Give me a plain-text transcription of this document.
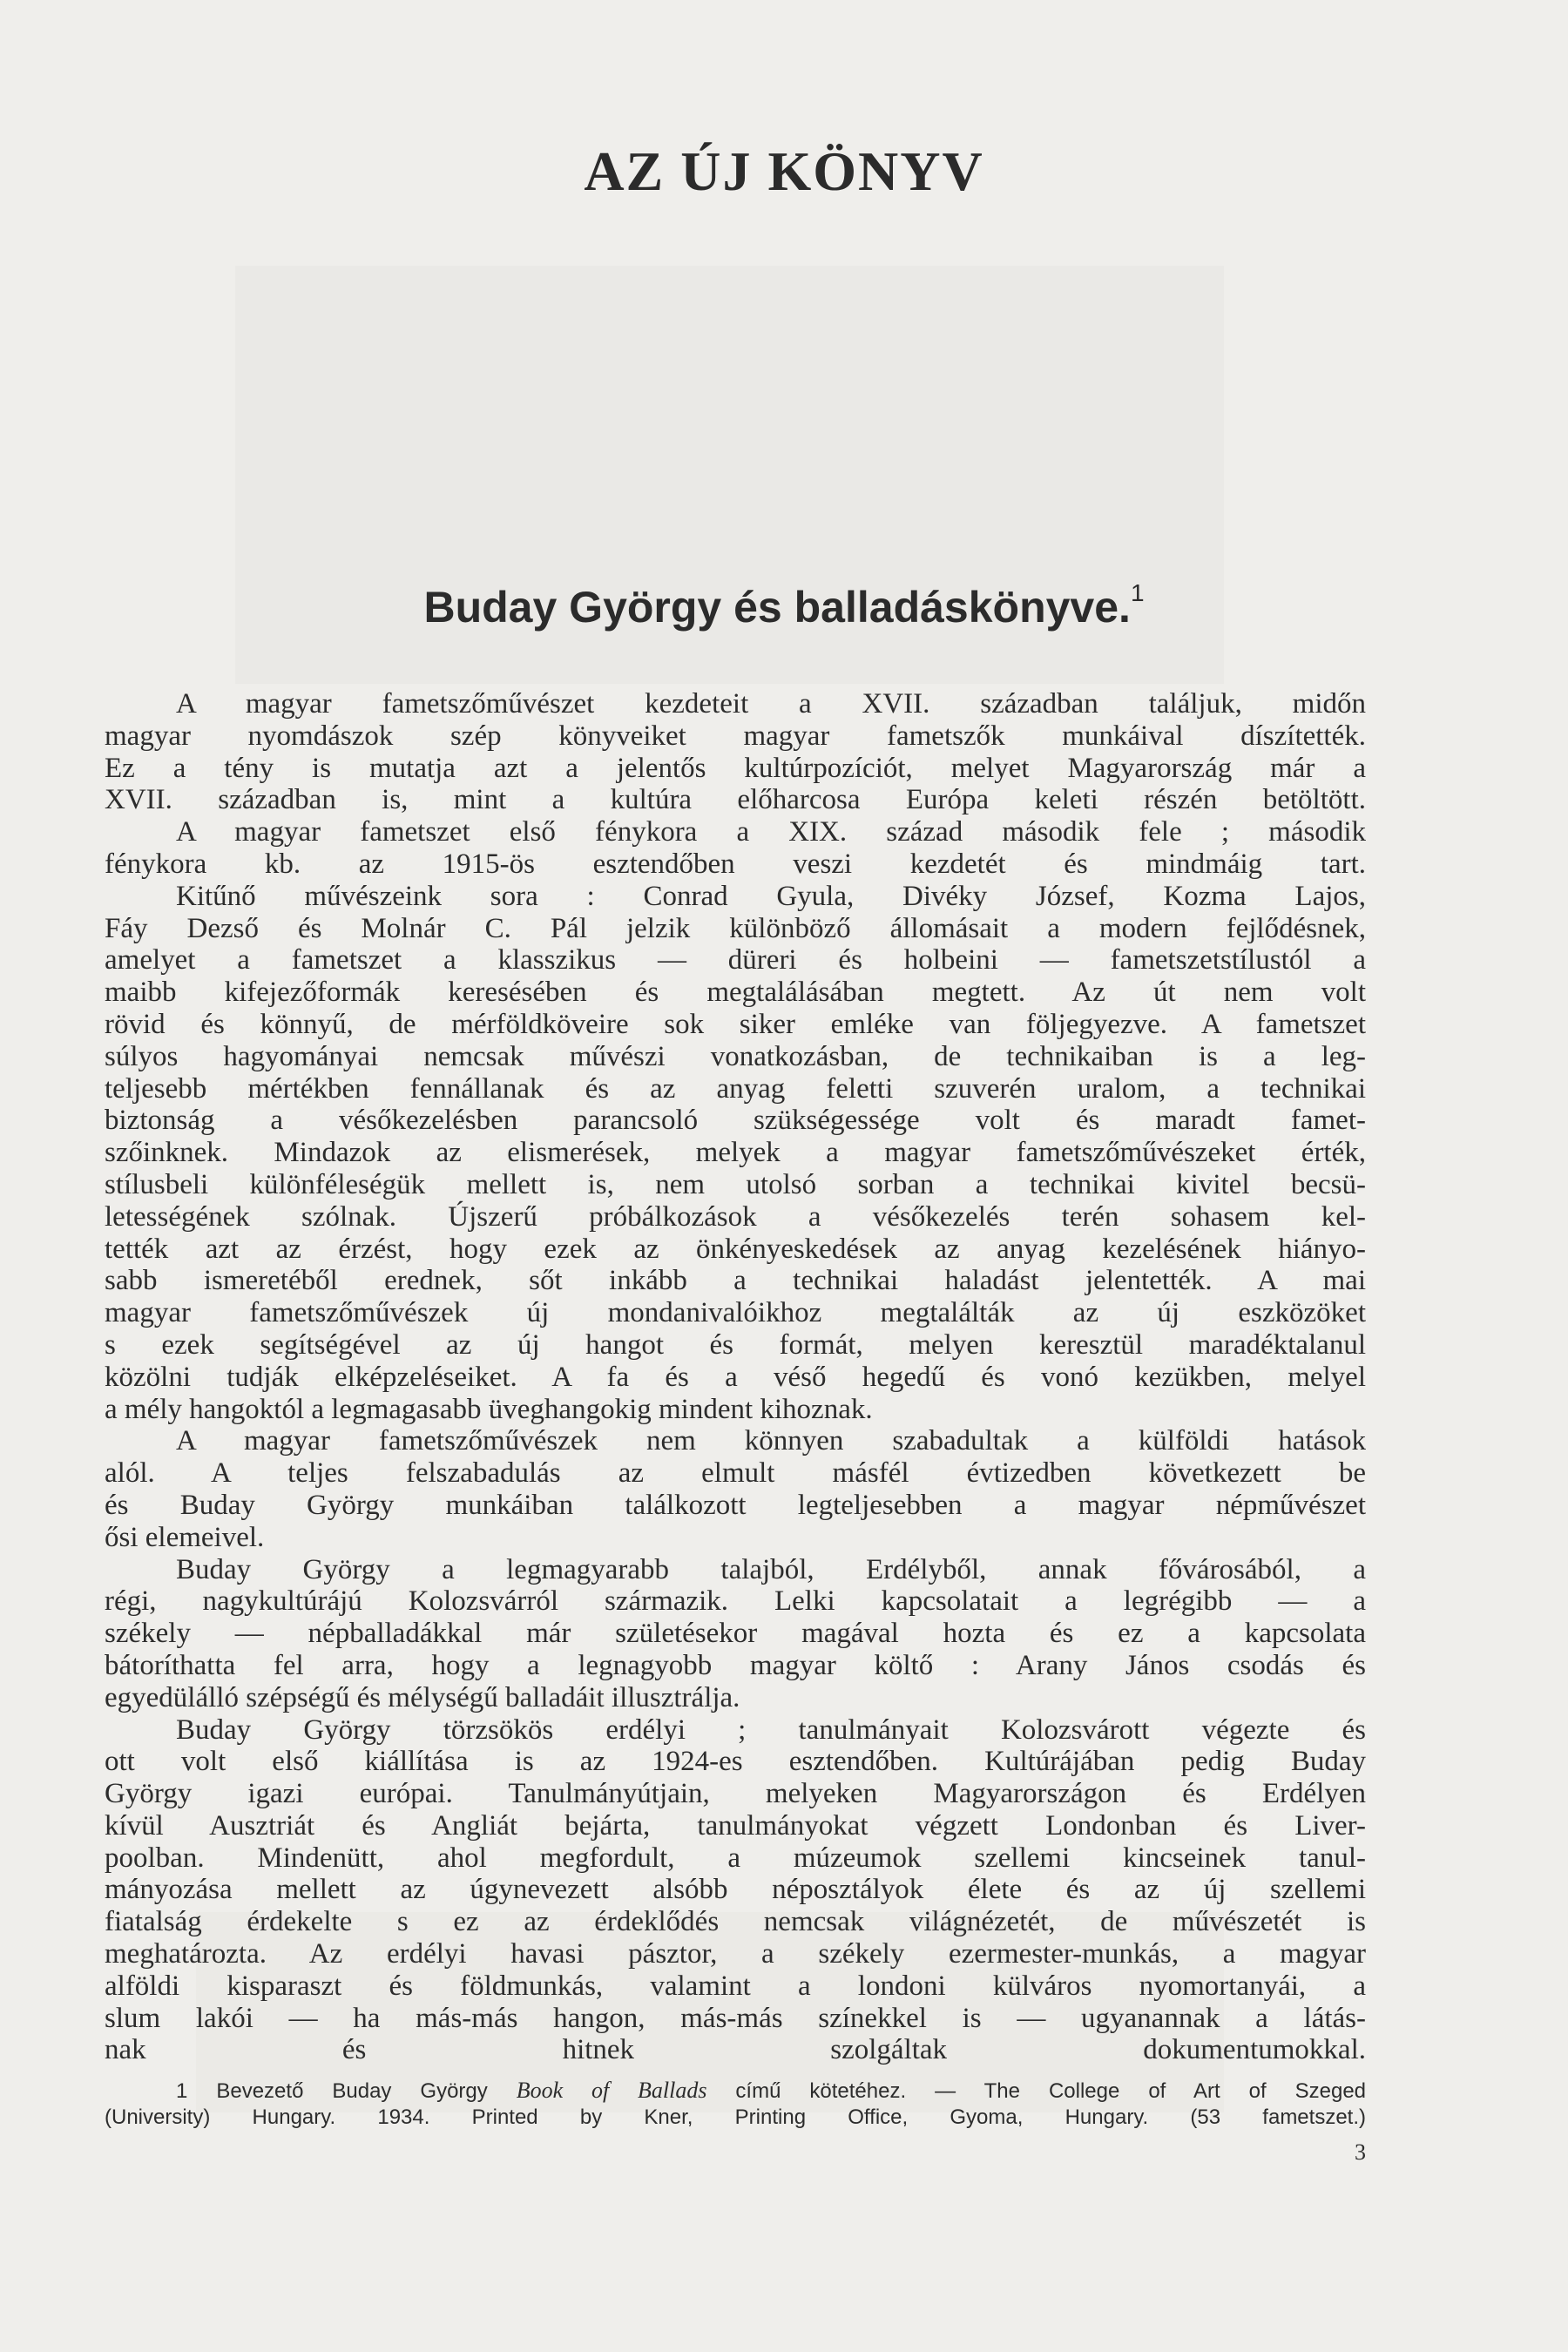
AZ ÚJ KÖNYV
Buday György és balladáskönyve.$^1$
A magyar fametszőművészet kezdeteit a XVII. században találjuk, midőn
magyar nyomdászok szép könyveiket magyar fametszők munkáival díszítették.
Ez a tény is mutatja azt a jelentős kultúrpozíciót, melyet Magyarország már a
XVII. században is, mint a kultúra előharcosa Európa keleti részén betöltött.
A magyar fametszet első fénykora a XIX. század második fele ; második
fénykora kb. az 1915-ös esztendőben veszi kezdetét és mindmáig tart.
Kitűnő művészeink sora : Conrad Gyula, Divéky József, Kozma Lajos,
Fáy Dezső és Molnár C. Pál jelzik különböző állomásait a modern fejlődésnek,
amelyet a fametszet a klasszikus — dürerі és holbeini — fametszetstílustól a
maibb kifejezőformák keresésében és megtalálásában megtett. Az út nem volt
rövid és könnyű, de mérföldköveire sok siker emléke van följegyezve. A fametszet
súlyos hagyományai nemcsak művészi vonatkozásban, de technikaiban is a leg-
teljesebb mértékben fennállanak és az anyag feletti szuverén uralom, a technikai
biztonság a vésőkezelésben parancsoló szükségessége volt és maradt famet-
szőinknek. Mindazok az elismerések, melyek a magyar fametszőművészeket érték,
stílusbeli különféleségük mellett is, nem utolsó sorban a technikai kivitel becsü-
letességének szólnak. Újszerű próbálkozások a vésőkezelés terén sohasem kel-
tették azt az érzést, hogy ezek az önkényeskedések az anyag kezelésének hiányo-
sabb ismeretéből erednek, sőt inkább a technikai haladást jelentették. A mai
magyar fametszőművészek új mondanivalóikhoz megtalálták az új eszközöket
s ezek segítségével az új hangot és formát, melyen keresztül maradéktalanul
közölni tudják elképzeléseiket. A fa és a véső hegedű és vonó kezükben, melyel
a mély hangoktól a legmagasabb üveghangokig mindent kihoznak.
A magyar fametszőművészek nem könnyen szabadultak a külföldi hatások
alól. A teljes felszabadulás az elmult másfél évtizedben következett be
és Buday György munkáiban találkozott legteljesebben a magyar népművészet
ősi elemeivel.
Buday György a legmagyarabb talajból, Erdélyből, annak fővárosából, a
régi, nagykultúrájú Kolozsvárról származik. Lelki kapcsolatait a legrégibb — a
székely — népballadákkal már születésekor magával hozta és ez a kapcsolata
bátoríthatta fel arra, hogy a legnagyobb magyar költő : Arany János csodás és
egyedülálló szépségű és mélységű balladáit illusztrálja.
Buday György törzsökös erdélyi ; tanulmányait Kolozsvárott végezte és
ott volt első kiállítása is az 1924-es esztendőben. Kultúrájában pedig Buday
György igazi európai. Tanulmányútjain, melyeken Magyarországon és Erdélyen
kívül Ausztriát és Angliát bejárta, tanulmányokat végzett Londonban és Liver-
poolban. Mindenütt, ahol megfordult, a múzeumok szellemi kincseinek tanul-
mányozása mellett az úgynevezett alsóbb néposztályok élete és az új szellemi
fiatalság érdekelte s ez az érdeklődés nemcsak világnézetét, de művészetét is
meghatározta. Az erdélyi havasi pásztor, a székely ezermester-munkás, a magyar
alföldi kisparaszt és földmunkás, valamint a londoni külváros nyomortanyái, a
slum lakói — ha más-más hangon, más-más színekkel is — ugyanannak a látás-
nak és hitnek szolgáltak dokumentumokkal.
1 Bevezető Buday György Book of Ballads című kötetéhez. — The College of Art of Szeged
(University) Hungary. 1934. Printed by Kner, Printing Office, Gyoma, Hungary. (53 fametszet.)
3
